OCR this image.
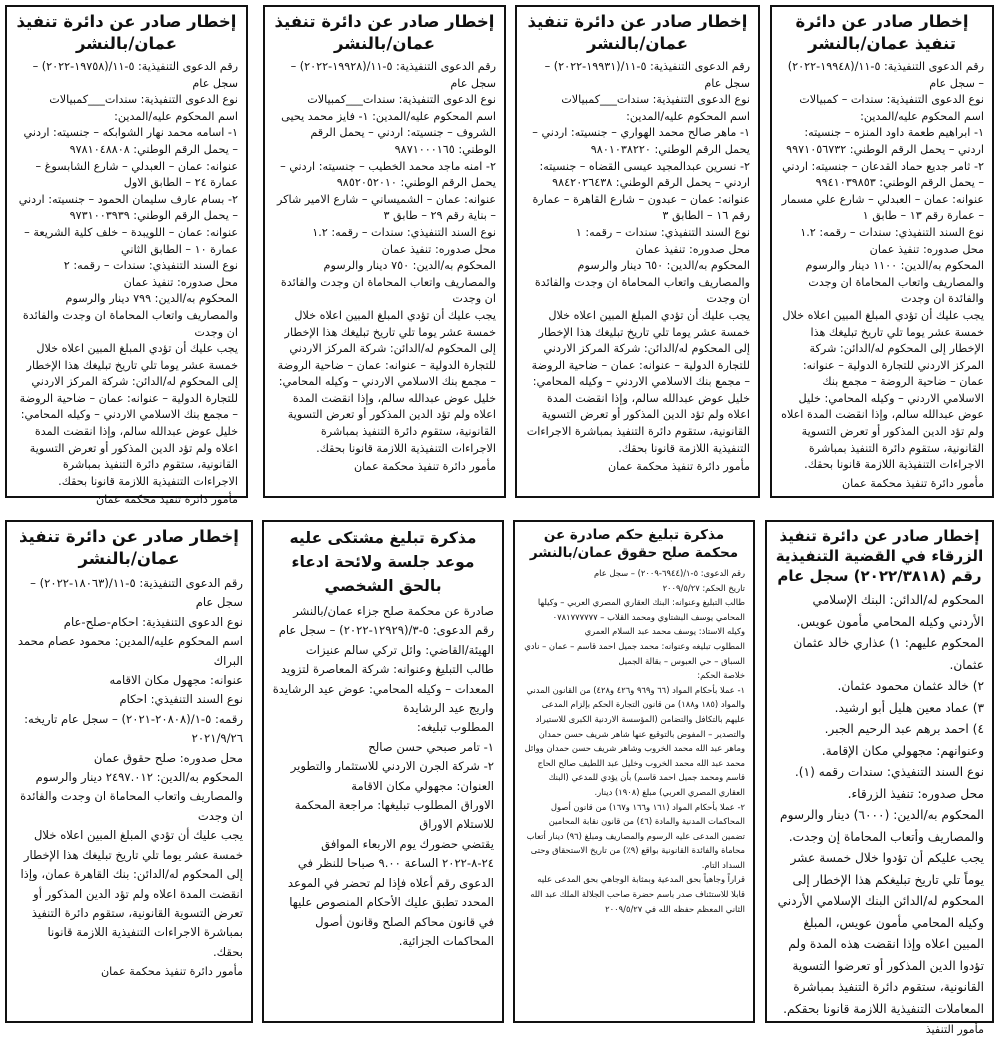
إخطار صادر عن دائرة تنفيذ عمان/بالنشر
رقم الدعوى التنفيذية: ٥-١١/(١٩٩٤٨-٢٠٢٢) – سجل عام
نوع الدعوى التنفيذية: سندات – كمبيالات
اسم المحكوم عليه/المدين:
١- ابراهيم طعمة داود المنزه – جنسيته: اردني – يحمل الرقم الوطني: ٩٩٧١٠٥٦٧٣٢
٢- ثامر جديع حماد القدعان – جنسيته: اردني – يحمل الرقم الوطني: ٩٩٤١٠٣٩٨٥٣
عنوانه: عمان – العبدلي – شارع علي مسمار – عمارة رقم ١٣ – طابق ١
نوع السند التنفيذي: سندات – رقمه: ١.٢
محل صدوره: تنفيذ عمان
المحكوم به/الدين: ١١٠٠ دينار والرسوم والمصاريف واتعاب المحاماة ان وجدت والفائدة ان وجدت
يجب عليك أن تؤدي المبلغ المبين اعلاه خلال خمسة عشر يوما تلي تاريخ تبليغك هذا الإخطار إلى المحكوم له/الدائن: شركة المركز الاردني للتجارة الدولية – عنوانه: عمان – ضاحية الروضة – مجمع بنك الاسلامي الاردني – وكيله المحامي: خليل عوض عبدالله سالم، وإذا انقضت المدة اعلاه ولم تؤد الدين المذكور أو تعرض التسوية القانونية، ستقوم دائرة التنفيذ بمباشرة الاجراءات التنفيذية اللازمة قانونا بحقك.
مأمور دائرة تنفيذ محكمة عمان
إخطار صادر عن دائرة تنفيذ عمان/بالنشر
رقم الدعوى التنفيذية: ٥-١١/(١٩٩٣١-٢٠٢٢) – سجل عام
نوع الدعوى التنفيذية: سندات___كمبيالات
اسم المحكوم عليه/المدين:
١- ماهر صالح محمد الهواري – جنسيته: اردني – يحمل الرقم الوطني: ٩٨٠١٠٣٨٢٢٠
٢- نسرين عبدالمجيد عيسى القضاه – جنسيته: اردني – يحمل الرقم الوطني: ٩٨٤٢٠٢٦٤٣٨
عنوانه: عمان – عبدون – شارع القاهرة – عمارة رقم ١٦ – الطابق ٣
نوع السند التنفيذي: سندات – رقمه: ١
محل صدوره: تنفيذ عمان
المحكوم به/الدين: ٦٥٠ دينار والرسوم والمصاريف واتعاب المحاماة ان وجدت والفائدة ان وجدت
يجب عليك أن تؤدي المبلغ المبين اعلاه خلال خمسة عشر يوما تلي تاريخ تبليغك هذا الإخطار إلى المحكوم له/الدائن: شركة المركز الاردني للتجارة الدولية – عنوانه: عمان – ضاحية الروضة – مجمع بنك الاسلامي الاردني – وكيله المحامي: خليل عوض عبدالله سالم، وإذا انقضت المدة اعلاه ولم تؤد الدين المذكور أو تعرض التسوية القانونية، ستقوم دائرة التنفيذ بمباشرة الاجراءات التنفيذية اللازمة قانونا بحقك.
مأمور دائرة تنفيذ محكمة عمان
إخطار صادر عن دائرة تنفيذ عمان/بالنشر
رقم الدعوى التنفيذية: ٥-١١/(١٩٩٢٨-٢٠٢٢) – سجل عام
نوع الدعوى التنفيذية: سندات___كمبيالات
اسم المحكوم عليه/المدين: ١- فايز محمد يحيى الشروف – جنسيته: اردني – يحمل الرقم الوطني: ٩٨٧١٠٠٠١٦٥
٢- امنه ماجد محمد الخطيب – جنسيته: اردني – يحمل الرقم الوطني: ٩٨٥٢٠٥٢٠١٠
عنوانه: عمان – الشميساني – شارع الامير شاكر – بناية رقم ٢٩ – طابق ٣
نوع السند التنفيذي: سندات – رقمه: ١.٢
محل صدوره: تنفيذ عمان
المحكوم به/الدين: ٧٥٠ دينار والرسوم والمصاريف واتعاب المحاماة ان وجدت والفائدة ان وجدت
يجب عليك أن تؤدي المبلغ المبين اعلاه خلال خمسة عشر يوما تلي تاريخ تبليغك هذا الإخطار إلى المحكوم له/الدائن: شركة المركز الاردني للتجارة الدولية – عنوانه: عمان – ضاحية الروضة – مجمع بنك الاسلامي الاردني – وكيله المحامي: خليل عوض عبدالله سالم، وإذا انقضت المدة اعلاه ولم تؤد الدين المذكور أو تعرض التسوية القانونية، ستقوم دائرة التنفيذ بمباشرة الاجراءات التنفيذية اللازمة قانونا بحقك.
مأمور دائرة تنفيذ محكمة عمان
إخطار صادر عن دائرة تنفيذ عمان/بالنشر
رقم الدعوى التنفيذية: ٥-١١/(١٩٧٥٨-٢٠٢٢) – سجل عام
نوع الدعوى التنفيذية: سندات___كمبيالات
اسم المحكوم عليه/المدين:
١- اسامه محمد نهار الشوابكه – جنسيته: اردني – يحمل الرقم الوطني: ٩٧٨١٠٤٨٨٠٨
عنوانه: عمان – العبدلي – شارع الشابسوغ – عمارة ٢٤ – الطابق الاول
٢- بسام عارف سليمان الحمود – جنسيته: اردني – يحمل الرقم الوطني: ٩٧٣١٠٠٣٩٣٩
عنوانه: عمان – اللويبدة – خلف كلية الشريعة – عمارة ١٠ – الطابق الثاني
نوع السند التنفيذي: سندات – رقمه: ٢
محل صدوره: تنفيذ عمان
المحكوم به/الدين: ٧٩٩ دينار والرسوم والمصاريف واتعاب المحاماة ان وجدت والفائدة ان وجدت
يجب عليك أن تؤدي المبلغ المبين اعلاه خلال خمسة عشر يوما تلي تاريخ تبليغك هذا الإخطار إلى المحكوم له/الدائن: شركة المركز الاردني للتجارة الدولية – عنوانه: عمان – ضاحية الروضة – مجمع بنك الاسلامي الاردني – وكيله المحامي: خليل عوض عبدالله سالم، وإذا انقضت المدة اعلاه ولم تؤد الدين المذكور أو تعرض التسوية القانونية، ستقوم دائرة التنفيذ بمباشرة الاجراءات التنفيذية اللازمة قانونا بحقك.
مأمور دائرة تنفيذ محكمة عمان
إخطار صادر عن دائرة تنفيذ الزرقاء في القضية التنفيذية رقم (٢٠٢٢/٣٨١٨) سجل عام
المحكوم له/الدائن: البنك الإسلامي الأردني وكيله المحامي مأمون عويس.
المحكوم عليهم: ١) عذاري خالد عثمان عثمان.
٢) خالد عثمان محمود عثمان.
٣) عماد معين هليل أبو ارشيد.
٤) احمد برهم عبد الرحيم الجبر.
وعنوانهم: مجهولي مكان الإقامة.
نوع السند التنفيذي: سندات رقمه (١).
محل صدوره: تنفيذ الزرقاء.
المحكوم به/الدين: (٦٠٠٠) دينار والرسوم والمصاريف وأتعاب المحاماة إن وجدت.
يجب عليكم أن تؤدوا خلال خمسة عشر يوماً تلي تاريخ تبليغكم هذا الإخطار إلى المحكوم له/الدائن البنك الإسلامي الأردني وكيله المحامي مأمون عويس، المبلغ المبين اعلاه وإذا انقضت هذه المدة ولم تؤدوا الدين المذكور أو تعرضوا التسوية القانونية، ستقوم دائرة التنفيذ بمباشرة المعاملات التنفيذية اللازمة قانونا بحقكم.
مأمور التنفيذ
مذكرة تبليغ حكم صادرة عن محكمة صلح حقوق عمان/بالنشر
رقم الدعوى: ٥-١/(٦٩٤٤-٢٠٠٩) – سجل عام
تاريخ الحكم: ٢٠٠٩/٥/٢٧
طالب التبليغ وعنوانه: البنك العقاري المصري العربي – وكيلها المحامي يوسف البشتاوي ومحمد القلاب – ٠٧٨١٧٧٧٧٧٧
وكيله الاستاذ: يوسف محمد عبد السلام العمري
المطلوب تبليغه وعنوانه: محمد جميل احمد قاسم – عمان – نادي السباق – حي العبوس – بقالة الجميل
خلاصة الحكم:
١- عملا بأحكام المواد (٦٦ و٩٦٩ و٤٢٦ و٤٢٨) من القانون المدني والمواد (١٨٥ و١٨٨) من قانون التجارة الحكم بإلزام المدعى عليهم بالتكافل والتضامن (المؤسسة الاردنية الكبرى للاستيراد والتصدير – المفوض بالتوقيع عنها شاهر شريف حسن حمدان وماهر عبد الله محمد الخروب وشاهر شريف حسن حمدان ووائل محمد عبد الله محمد الخروب وخليل عبد اللطيف صالح الحاج قاسم ومحمد جميل احمد قاسم) بأن يؤدي للمدعي (البنك العقاري المصري العربي) مبلغ (١٩٠٨) دينار.
٢- عملا بأحكام المواد (١٦١ و١٦٦ و١٦٧) من قانون أصول المحاكمات المدنية والمادة (٤٦) من قانون نقابة المحامين تضمين المدعى عليه الرسوم والمصاريف ومبلغ (٩٦) دينار أتعاب محاماة والفائدة القانونية بواقع (٩٪) من تاريخ الاستحقاق وحتى السداد التام.
قراراً وجاهياً بحق المدعية وبمثابة الوجاهي بحق المدعى عليه قابلا للاستئناف صدر باسم حضرة صاحب الجلالة الملك عبد الله الثاني المعظم حفظه الله في ٢٠٠٩/٥/٢٧
مذكرة تبليغ مشتكى عليه موعد جلسة ولائحة ادعاء بالحق الشخصي
صادرة عن محكمة صلح جزاء عمان/بالنشر
رقم الدعوى: ٥-٣/(١٢٩٢٩-٢٠٢٢) – سجل عام
الهيئة/القاضي: وائل تركي سالم عنيزات
طالب التبليغ وعنوانه: شركة المعاصرة لتزويد المعدات – وكيله المحامي: عوض عيد الرشايدة واريج عيد الرشايدة
المطلوب تبليغه:
١- تامر صبحي حسن صالح
٢- شركة الجرن الاردني للاستثمار والتطوير
العنوان: مجهولي مكان الاقامة
الاوراق المطلوب تبليغها: مراجعة المحكمة للاستلام الاوراق
يقتضي حضورك يوم الاربعاء الموافق ٢٤-٨-٢٠٢٢ الساعة ٩.٠٠ صباحا للنظر في الدعوى رقم أعلاه فإذا لم تحضر في الموعد المحدد تطبق عليك الأحكام المنصوص عليها في قانون محاكم الصلح وقانون أصول المحاكمات الجزائية.
إخطار صادر عن دائرة تنفيذ عمان/بالنشر
رقم الدعوى التنفيذية: ٥-١١/(١٨٠٦٣-٢٠٢٢) – سجل عام
نوع الدعوى التنفيذية: احكام-صلح-عام
اسم المحكوم عليه/المدين: محمود عصام محمد البراك
عنوانه: مجهول مكان الاقامه
نوع السند التنفيذي: احكام
رقمه: ٥-١/(٢٠٨٠٨-٢٠٢١) – سجل عام تاريخه: ٢٠٢١/٩/٢٦
محل صدوره: صلح حقوق عمان
المحكوم به/الدين: ٢٤٩٧.٠١٢ دينار والرسوم والمصاريف واتعاب المحاماة ان وجدت والفائدة ان وجدت
يجب عليك أن تؤدي المبلغ المبين اعلاه خلال خمسة عشر يوما تلي تاريخ تبليغك هذا الإخطار إلى المحكوم له/الدائن: بنك القاهرة عمان، وإذا انقضت المدة اعلاه ولم تؤد الدين المذكور أو تعرض التسوية القانونية، ستقوم دائرة التنفيذ بمباشرة الاجراءات التنفيذية اللازمة قانونا بحقك.
مأمور دائرة تنفيذ محكمة عمان
